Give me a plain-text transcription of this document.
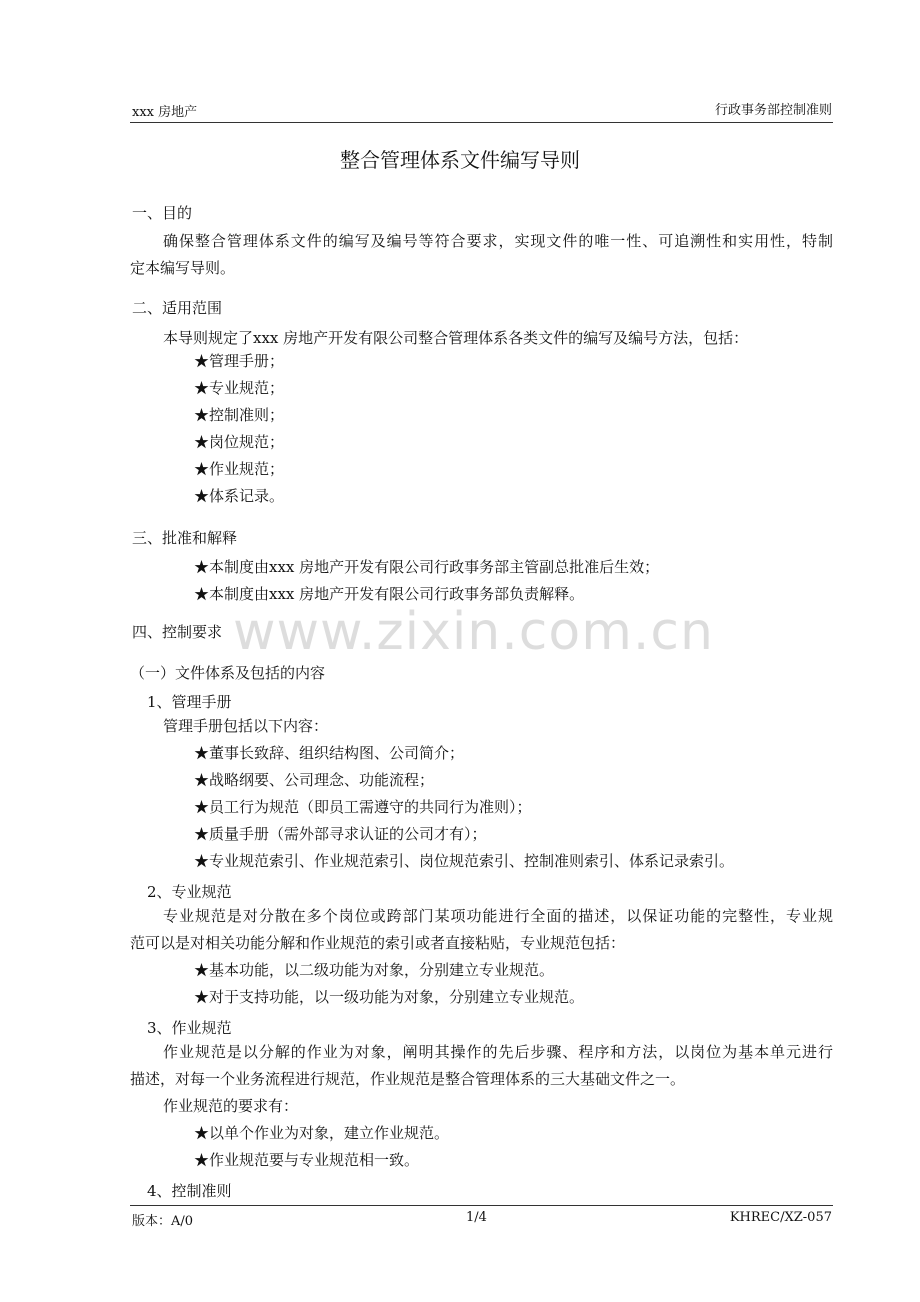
xxx 房地产	行政事务部控制准则
整合管理体系文件编写导则
一、目的
确保整合管理体系文件的编写及编号等符合要求，实现文件的唯一性、可追溯性和实用性，特制
定本编写导则。
二、适用范围
本导则规定了xxx 房地产开发有限公司整合管理体系各类文件的编写及编号方法，包括：
★管理手册；
★专业规范；
★控制准则；
★岗位规范；
★作业规范；
★体系记录。
三、批准和解释
★本制度由xxx 房地产开发有限公司行政事务部主管副总批准后生效；
★本制度由xxx 房地产开发有限公司行政事务部负责解释。
www.zixin.com.cn
四、控制要求
（一）文件体系及包括的内容
1、管理手册
管理手册包括以下内容：
★董事长致辞、组织结构图、公司简介；
★战略纲要、公司理念、功能流程；
★员工行为规范（即员工需遵守的共同行为准则）；
★质量手册（需外部寻求认证的公司才有）；
★专业规范索引、作业规范索引、岗位规范索引、控制准则索引、体系记录索引。
2、专业规范
专业规范是对分散在多个岗位或跨部门某项功能进行全面的描述，以保证功能的完整性，专业规
范可以是对相关功能分解和作业规范的索引或者直接粘贴，专业规范包括：
★基本功能，以二级功能为对象，分别建立专业规范。
★对于支持功能，以一级功能为对象，分别建立专业规范。
3、作业规范
作业规范是以分解的作业为对象，阐明其操作的先后步骤、程序和方法，以岗位为基本单元进行
描述，对每一个业务流程进行规范，作业规范是整合管理体系的三大基础文件之一。
作业规范的要求有：
★以单个作业为对象，建立作业规范。
★作业规范要与专业规范相一致。
4、控制准则
版本：A/0	1/4	KHREC/XZ-057
